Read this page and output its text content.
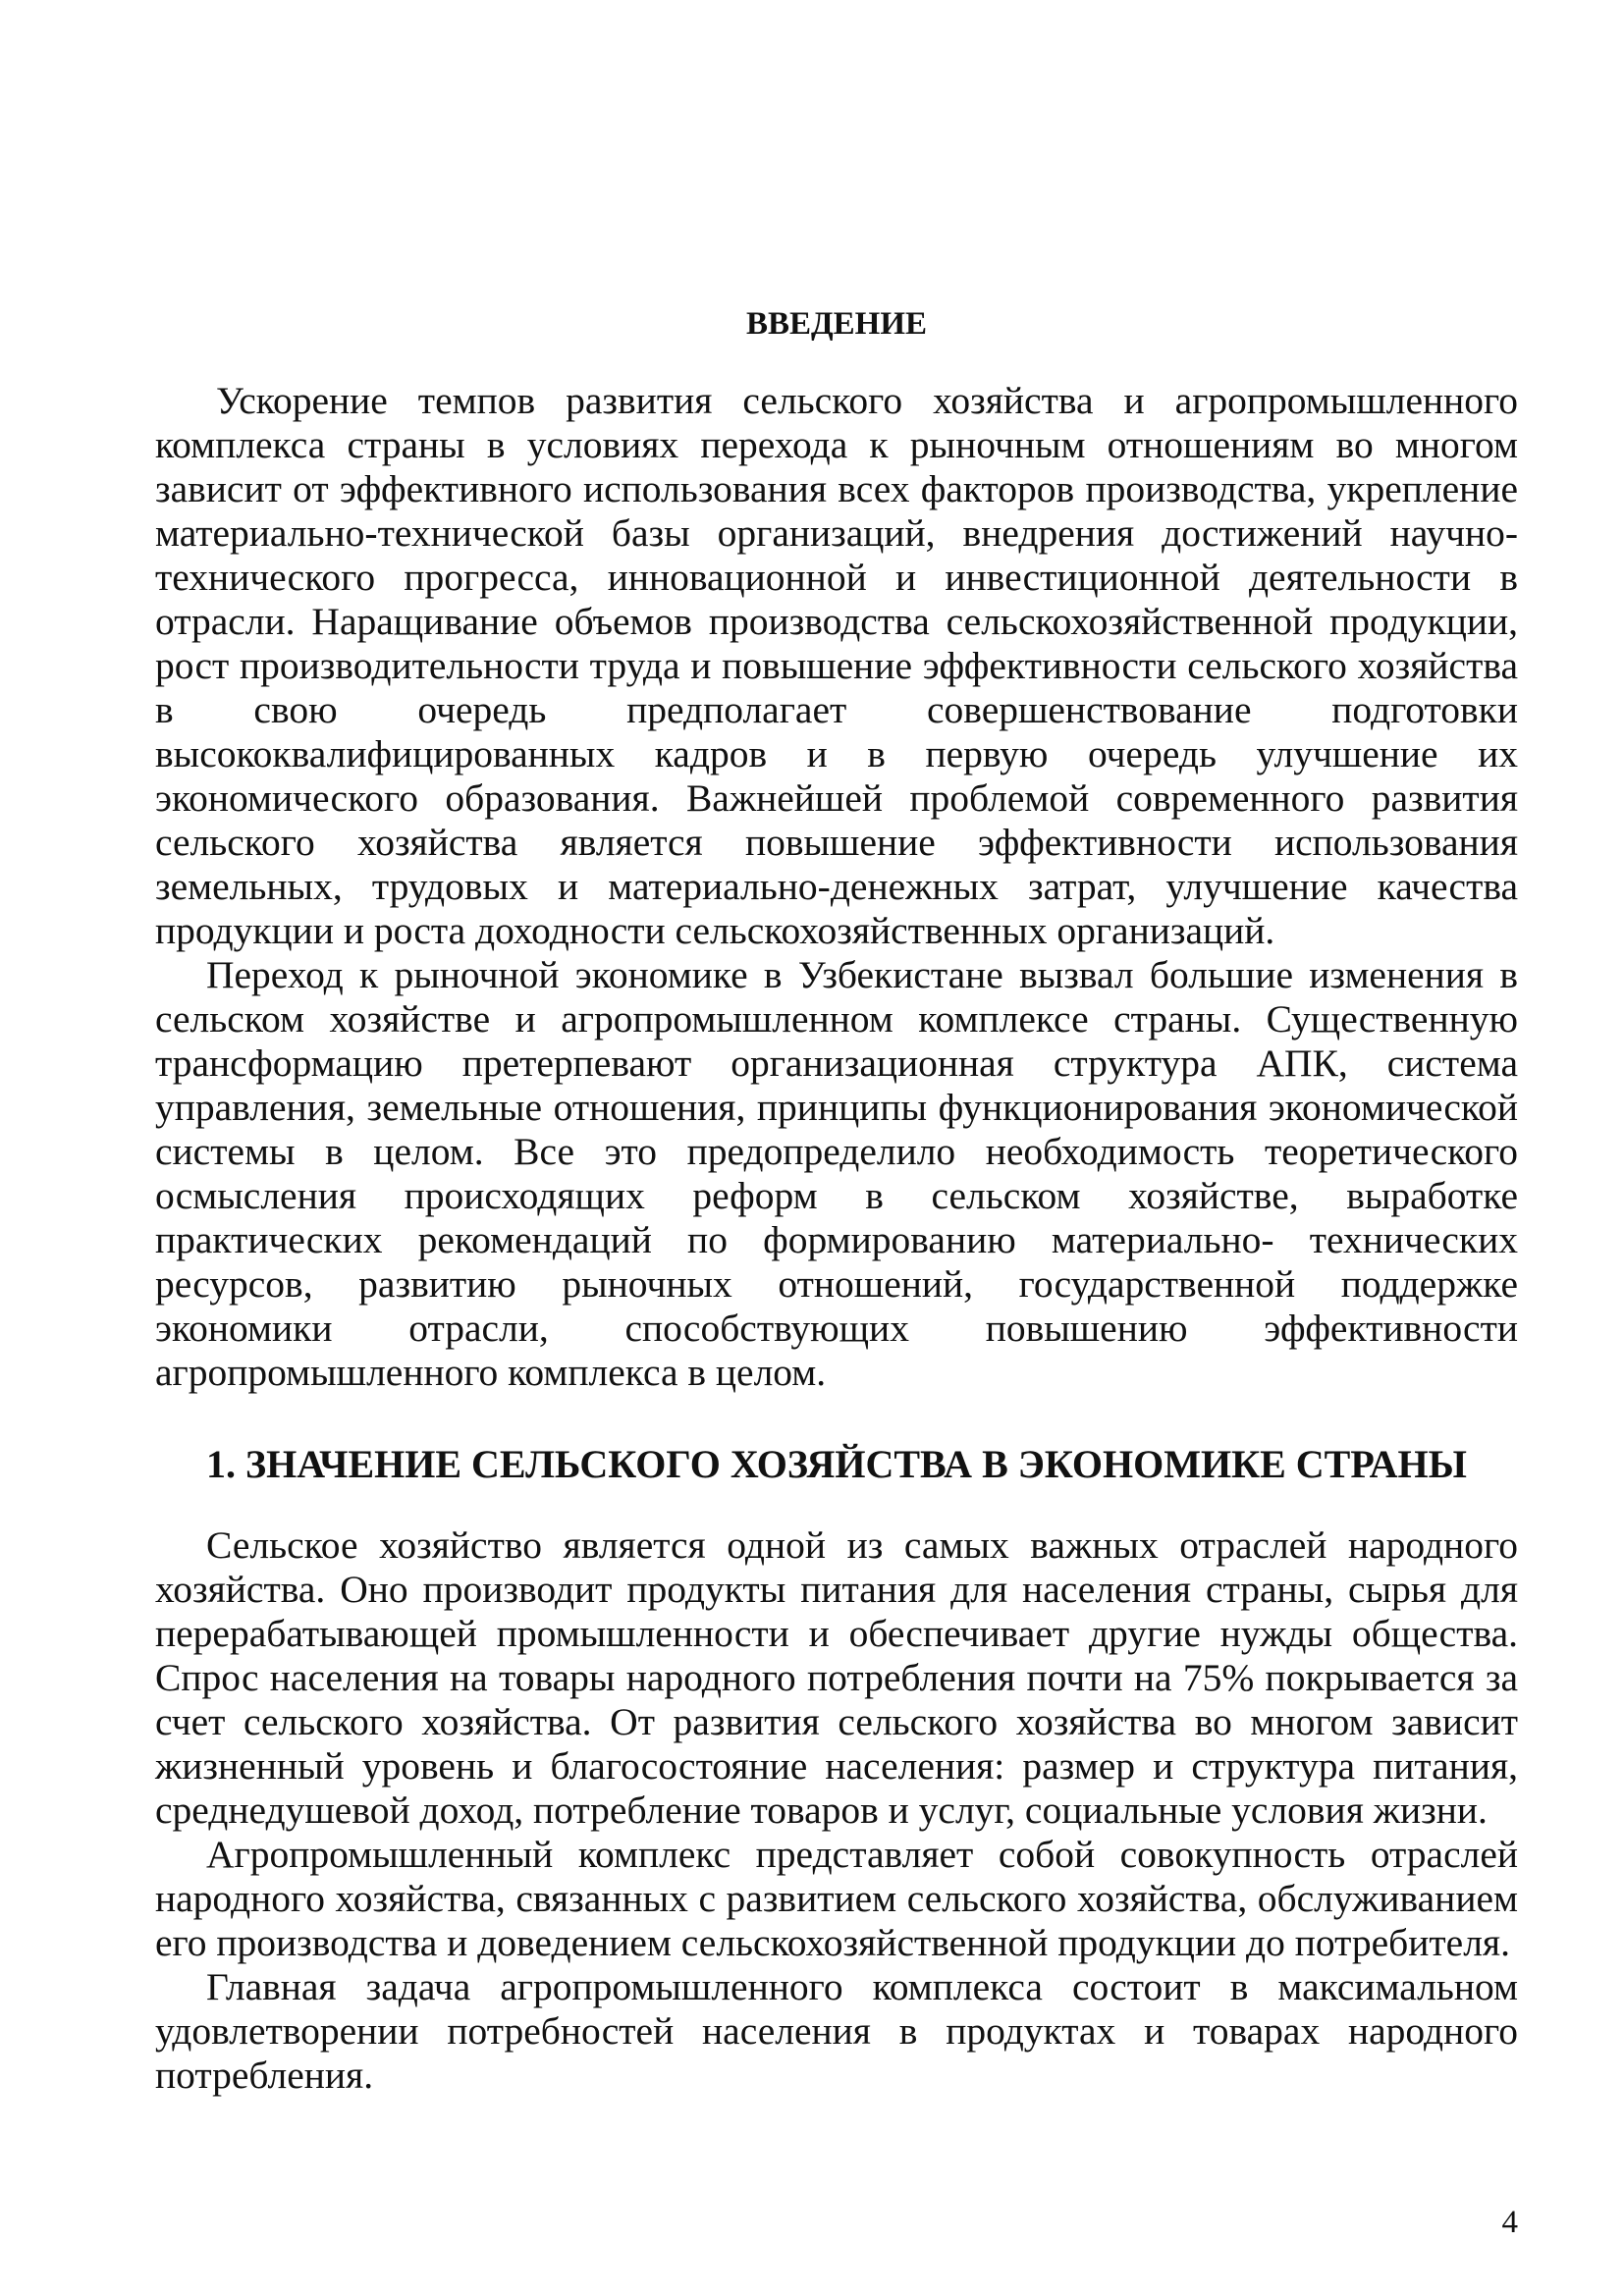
ВВЕДЕНИЕ

Ускорение темпов развития сельского хозяйства и агропромышленного комплекса страны в условиях перехода к рыночным отношениям во многом зависит от эффективного использования всех факторов производства, укрепление материально-технической базы организаций, внедрения достижений научно-технического прогресса, инновационной и инвестиционной деятельности в отрасли. Наращивание объемов производства сельскохозяйственной продукции, рост производительности труда и повышение эффективности сельского хозяйства в свою очередь предполагает совершенствование подготовки высококвалифицированных кадров и в первую очередь улучшение их экономического образования. Важнейшей проблемой современного развития сельского хозяйства является повышение эффективности использования земельных, трудовых и материально-денежных затрат, улучшение качества продукции и роста доходности сельскохозяйственных организаций.

Переход к рыночной экономике в Узбекистане вызвал большие изменения в сельском хозяйстве и агропромышленном комплексе страны. Существенную трансформацию претерпевают организационная структура АПК, система управления, земельные отношения, принципы функционирования экономической системы в целом. Все это предопределило необходимость теоретического осмысления происходящих реформ в сельском хозяйстве, выработке практических рекомендаций по формированию материально- технических ресурсов, развитию рыночных отношений, государственной поддержке экономики отрасли, способствующих повышению эффективности агропромышленного комплекса в целом.

1. ЗНАЧЕНИЕ СЕЛЬСКОГО ХОЗЯЙСТВА В ЭКОНОМИКЕ СТРАНЫ

Сельское хозяйство является одной из самых важных отраслей народного хозяйства. Оно производит продукты питания для населения страны, сырья для перерабатывающей промышленности и обеспечивает другие нужды общества. Спрос населения на товары народного потребления почти на 75% покрывается за счет сельского хозяйства. От развития сельского хозяйства во многом зависит жизненный уровень и благосостояние населения: размер и структура питания, среднедушевой доход, потребление товаров и услуг, социальные условия жизни.

Агропромышленный комплекс представляет собой совокупность отраслей народного хозяйства, связанных с развитием сельского хозяйства, обслуживанием его производства и доведением сельскохозяйственной продукции до потребителя.

Главная задача агропромышленного комплекса состоит в максимальном удовлетворении потребностей населения в продуктах и товарах народного потребления.

4
